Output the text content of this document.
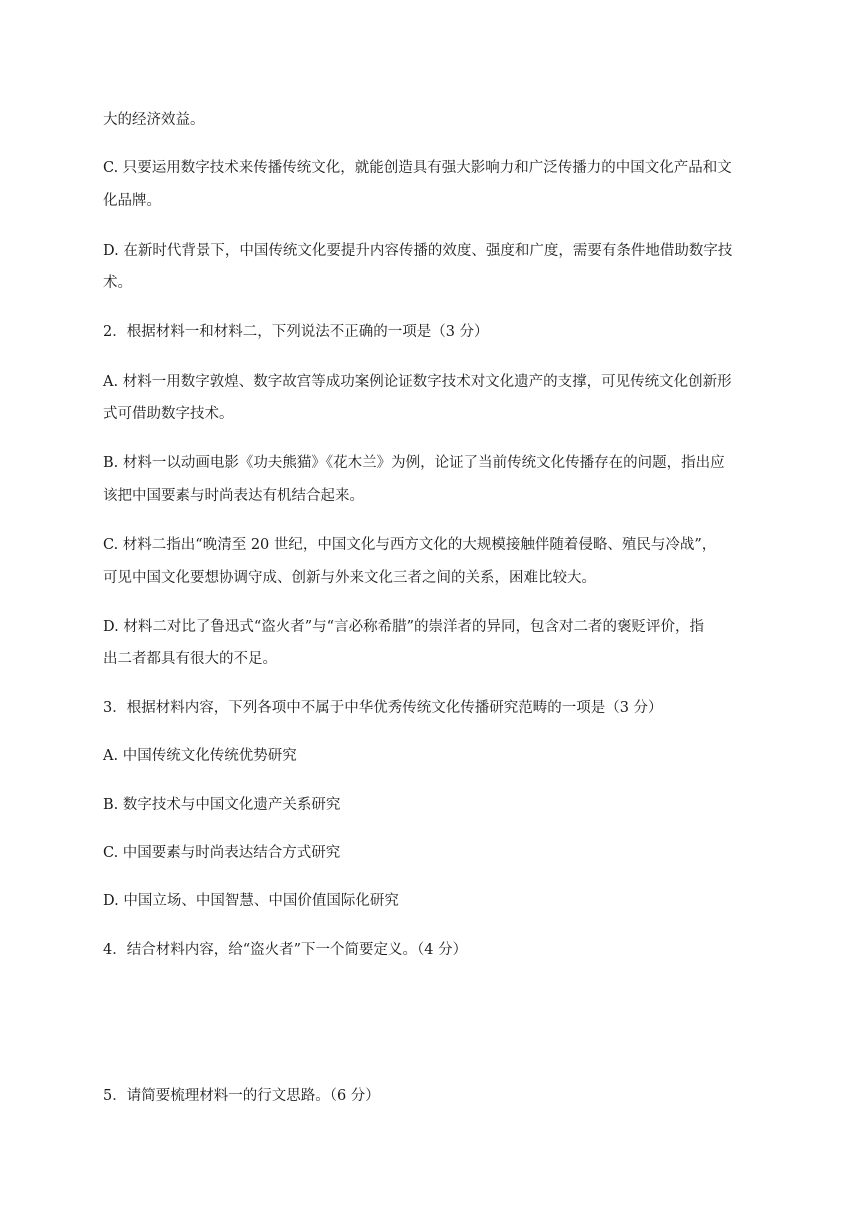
大的经济效益。
C. 只要运用数字技术来传播传统文化，就能创造具有强大影响力和广泛传播力的中国文化产品和文
化品牌。
D. 在新时代背景下，中国传统文化要提升内容传播的效度、强度和广度，需要有条件地借助数字技
术。
2．根据材料一和材料二，下列说法不正确的一项是（3 分）
A. 材料一用数字敦煌、数字故宫等成功案例论证数字技术对文化遗产的支撑，可见传统文化创新形
式可借助数字技术。
B. 材料一以动画电影《功夫熊猫》《花木兰》为例，论证了当前传统文化传播存在的问题，指出应
该把中国要素与时尚表达有机结合起来。
C. 材料二指出“晚清至 20 世纪，中国文化与西方文化的大规模接触伴随着侵略、殖民与冷战”，
可见中国文化要想协调守成、创新与外来文化三者之间的关系，困难比较大。
D. 材料二对比了鲁迅式“盗火者”与“言必称希腊”的崇洋者的异同，包含对二者的褒贬评价，指
出二者都具有很大的不足。
3．根据材料内容，下列各项中不属于中华优秀传统文化传播研究范畴的一项是（3 分）
A. 中国传统文化传统优势研究
B. 数字技术与中国文化遗产关系研究
C. 中国要素与时尚表达结合方式研究
D. 中国立场、中国智慧、中国价值国际化研究
4．结合材料内容，给“盗火者”下一个简要定义。（4 分）
5．请简要梳理材料一的行文思路。（6 分）
